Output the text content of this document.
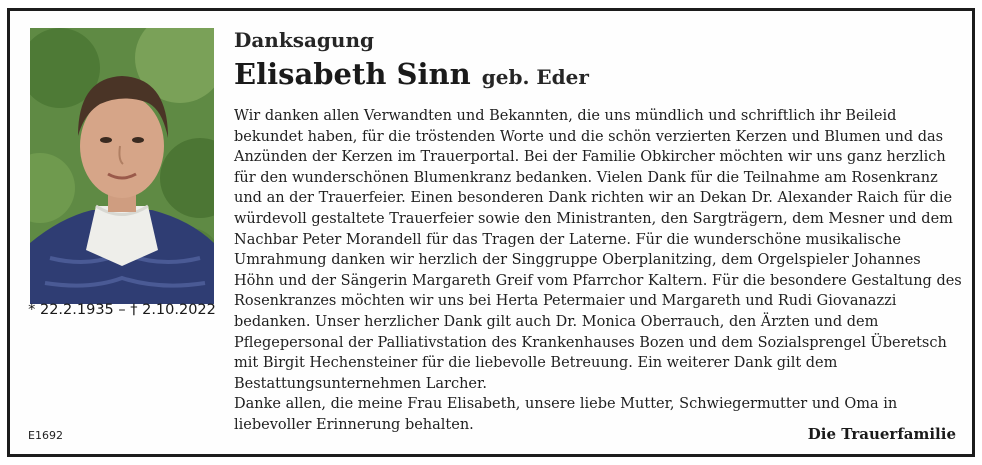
* 22.2.1935 – † 2.10.2022
Danksagung
Elisabeth Sinn geb. Eder

Wir danken allen Verwandten und Bekannten, die uns mündlich und schriftlich ihr Beileid bekundet haben, für die tröstenden Worte und die schön verzierten Kerzen und Blumen und das Anzünden der Kerzen im Trauerportal. Bei der Familie Obkircher möchten wir uns ganz herzlich für den wunderschönen Blumenkranz bedanken. Vielen Dank für die Teilnahme am Rosenkranz und an der Trauerfeier. Einen besonderen Dank richten wir an Dekan Dr. Alexander Raich für die würdevoll gestaltete Trauerfeier sowie den Ministranten, den Sargträgern, dem Mesner und dem Nachbar Peter Morandell für das Tragen der Laterne. Für die wunderschöne musikalische Umrahmung danken wir herzlich der Singgruppe Oberplanitzing, dem Orgelspieler Johannes Höhn und der Sängerin Margareth Greif vom Pfarrchor Kaltern. Für die besondere Gestaltung des Rosenkranzes möchten wir uns bei Herta Petermaier und Margareth und Rudi Giovanazzi bedanken. Unser herzlicher Dank gilt auch Dr. Monica Oberrauch, den Ärzten und dem Pflegepersonal der Palliativstation des Krankenhauses Bozen und dem Sozialsprengel Überetsch mit Birgit Hechensteiner für die liebevolle Betreuung. Ein weiterer Dank gilt dem Bestattungsunternehmen Larcher.

Danke allen, die meine Frau Elisabeth, unsere liebe Mutter, Schwiegermutter und Oma in liebevoller Erinnerung behalten.

E1692	Die Trauerfamilie
